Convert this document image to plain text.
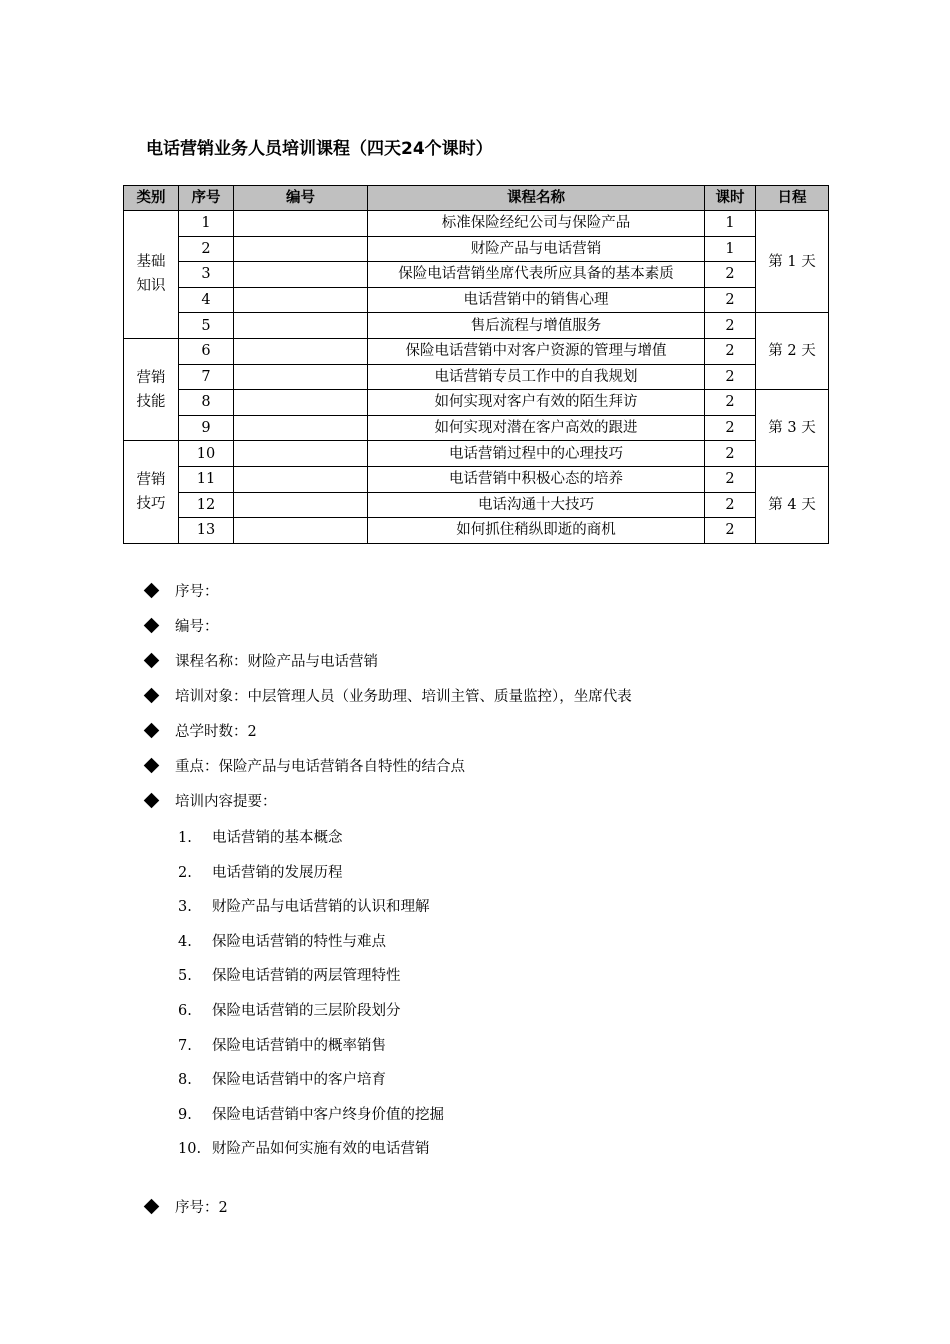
电话营销业务人员培训课程（四天24个课时）
类别	序号	编号	课程名称	课时	日程
基础知识	1		标准保险经纪公司与保险产品	1	第 1 天
	2		财险产品与电话营销	1	
	3		保险电话营销坐席代表所应具备的基本素质	2	
	4		电话营销中的销售心理	2	
	5		售后流程与增值服务	2	第 2 天
营销技能	6		保险电话营销中对客户资源的管理与增值	2	
	7		电话营销专员工作中的自我规划	2	
	8		如何实现对客户有效的陌生拜访	2	第 3 天
	9		如何实现对潜在客户高效的跟进	2	
营销技巧	10		电话营销过程中的心理技巧	2	
	11		电话营销中积极心态的培养	2	第 4 天
	12		电话沟通十大技巧	2	
	13		如何抓住稍纵即逝的商机	2	
序号：
编号：
课程名称：财险产品与电话营销
培训对象：中层管理人员（业务助理、培训主管、质量监控），坐席代表
总学时数：2
重点：保险产品与电话营销各自特性的结合点
培训内容提要：
1. 电话营销的基本概念
2. 电话营销的发展历程
3. 财险产品与电话营销的认识和理解
4. 保险电话营销的特性与难点
5. 保险电话营销的两层管理特性
6. 保险电话营销的三层阶段划分
7. 保险电话营销中的概率销售
8. 保险电话营销中的客户培育
9. 保险电话营销中客户终身价值的挖掘
10. 财险产品如何实施有效的电话营销
序号：2
